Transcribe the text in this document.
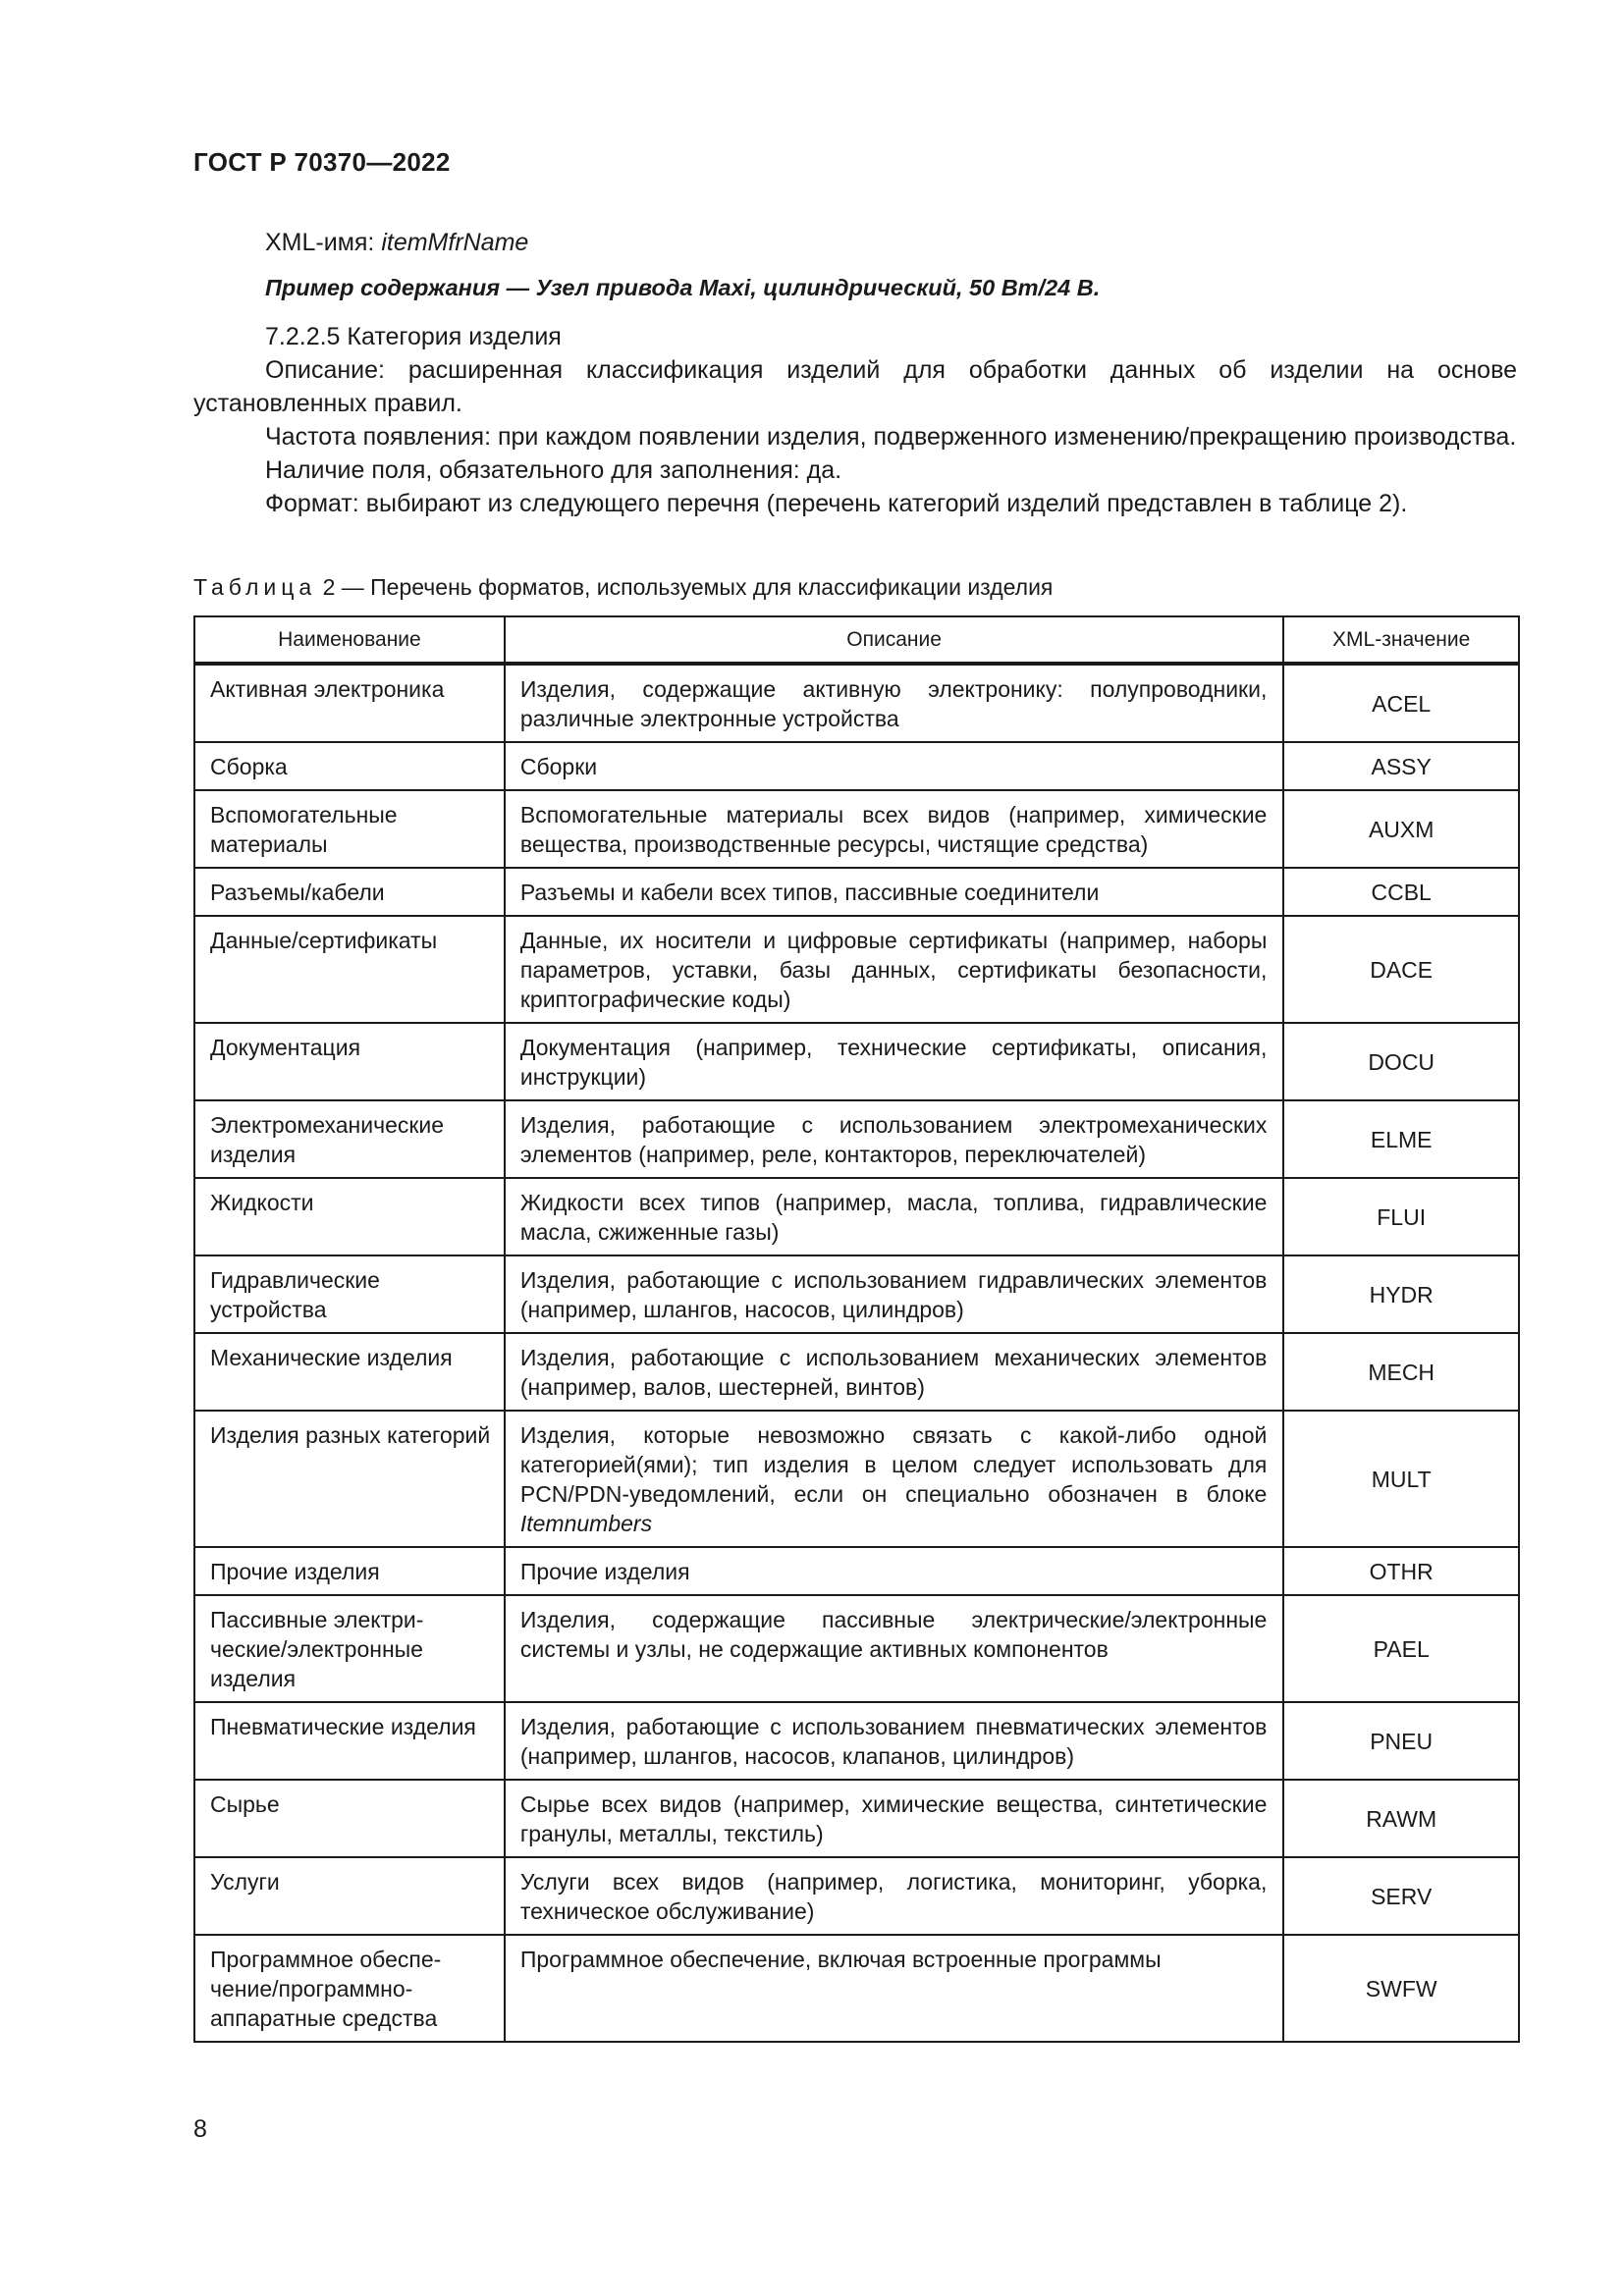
ГОСТ Р 70370—2022

XML-имя: itemMfrName

Пример содержания — Узел привода Maxi, цилиндрический, 50 Вт/24 В.

7.2.2.5 Категория изделия

Описание: расширенная классификация изделий для обработки данных об изделии на основе установленных правил.

Частота появления: при каждом появлении изделия, подверженного изменению/прекращению производства.

Наличие поля, обязательного для заполнения: да.

Формат: выбирают из следующего перечня (перечень категорий изделий представлен в таблице 2).

Таблица 2 — Перечень форматов, используемых для классификации изделия
Наименование	Описание	XML-значение
Активная электроника	Изделия, содержащие активную электронику: полупроводники, различные электронные устройства	ACEL
Сборка	Сборки	ASSY
Вспомогательные материалы	Вспомогательные материалы всех видов (например, химические вещества, производственные ресурсы, чистящие средства)	AUXM
Разъемы/кабели	Разъемы и кабели всех типов, пассивные соединители	CCBL
Данные/сертификаты	Данные, их носители и цифровые сертификаты (например, наборы параметров, уставки, базы данных, сертификаты безопасности, криптографические коды)	DACE
Документация	Документация (например, технические сертификаты, описания, инструкции)	DOCU
Электромеханические изделия	Изделия, работающие с использованием электромеханических элементов (например, реле, контакторов, переключателей)	ELME
Жидкости	Жидкости всех типов (например, масла, топлива, гидравлические масла, сжиженные газы)	FLUI
Гидравлические устройства	Изделия, работающие с использованием гидравлических элементов (например, шлангов, насосов, цилиндров)	HYDR
Механические изделия	Изделия, работающие с использованием механических элементов (например, валов, шестерней, винтов)	MECH
Изделия разных категорий	Изделия, которые невозможно связать с какой-либо одной категорией(ями); тип изделия в целом следует использовать для PCN/PDN-уведомлений, если он специально обозначен в блоке Itemnumbers	MULT
Прочие изделия	Прочие изделия	OTHR
Пассивные электрические/электронные изделия	Изделия, содержащие пассивные электрические/электронные системы и узлы, не содержащие активных компонентов	PAEL
Пневматические изделия	Изделия, работающие с использованием пневматических элементов (например, шлангов, насосов, клапанов, цилиндров)	PNEU
Сырье	Сырье всех видов (например, химические вещества, синтетические гранулы, металлы, текстиль)	RAWM
Услуги	Услуги всех видов (например, логистика, мониторинг, уборка, техническое обслуживание)	SERV
Программное обеспечение/программно-аппаратные средства	Программное обеспечение, включая встроенные программы	SWFW
8
